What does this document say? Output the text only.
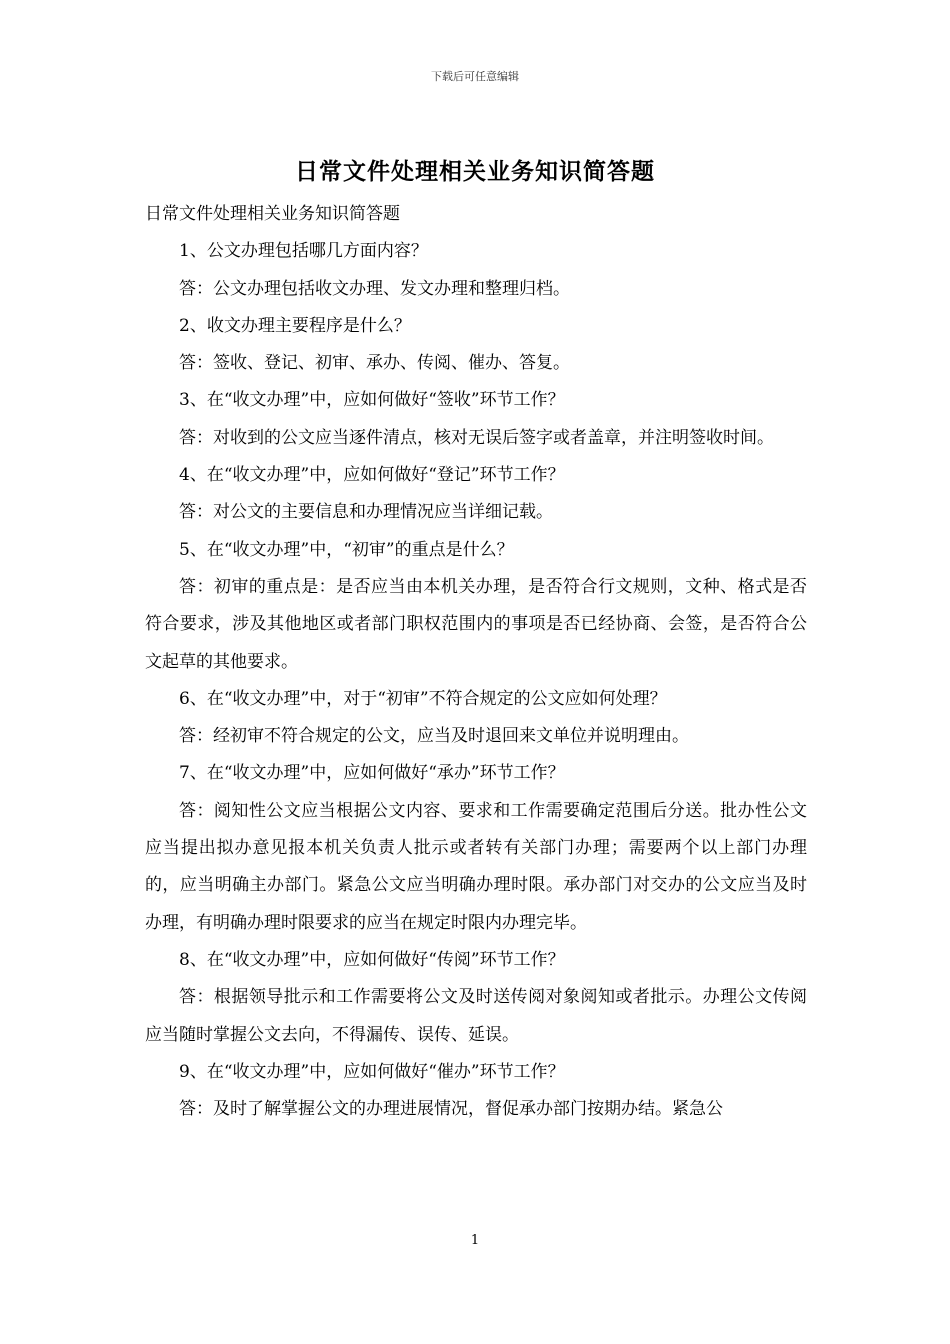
下载后可任意编辑
日常文件处理相关业务知识简答题

日常文件处理相关业务知识简答题

1、公文办理包括哪几方面内容？

答：公文办理包括收文办理、发文办理和整理归档。

2、收文办理主要程序是什么？

答：签收、登记、初审、承办、传阅、催办、答复。

3、在“收文办理”中，应如何做好“签收”环节工作？

答：对收到的公文应当逐件清点，核对无误后签字或者盖章，并注明签收时间。

4、在“收文办理”中，应如何做好“登记”环节工作？

答：对公文的主要信息和办理情况应当详细记载。

5、在“收文办理”中，“初审”的重点是什么？

答：初审的重点是：是否应当由本机关办理，是否符合行文规则，文种、格式是否符合要求，涉及其他地区或者部门职权范围内的事项是否已经协商、会签，是否符合公文起草的其他要求。

6、在“收文办理”中，对于“初审”不符合规定的公文应如何处理？

答：经初审不符合规定的公文，应当及时退回来文单位并说明理由。

7、在“收文办理”中，应如何做好“承办”环节工作？

答：阅知性公文应当根据公文内容、要求和工作需要确定范围后分送。批办性公文应当提出拟办意见报本机关负责人批示或者转有关部门办理；需要两个以上部门办理的，应当明确主办部门。紧急公文应当明确办理时限。承办部门对交办的公文应当及时办理，有明确办理时限要求的应当在规定时限内办理完毕。

8、在“收文办理”中，应如何做好“传阅”环节工作？

答：根据领导批示和工作需要将公文及时送传阅对象阅知或者批示。办理公文传阅应当随时掌握公文去向，不得漏传、误传、延误。

9、在“收文办理”中，应如何做好“催办”环节工作？

答：及时了解掌握公文的办理进展情况，督促承办部门按期办结。紧急公

1
